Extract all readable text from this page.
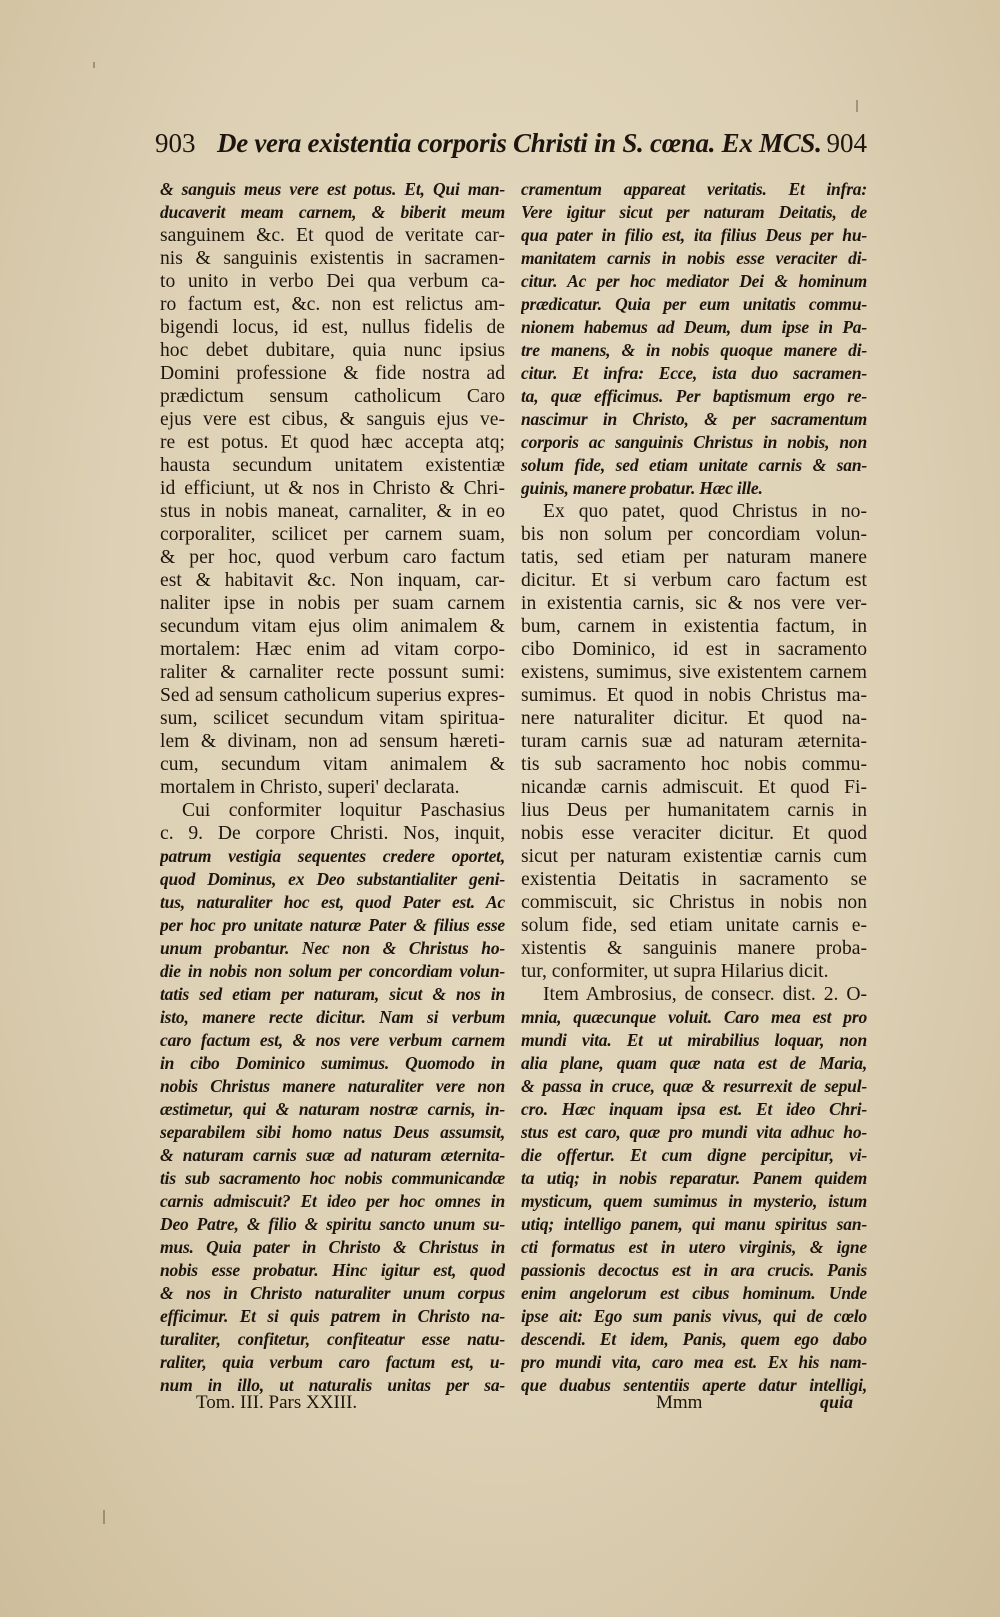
903 De vera existentia corporis Christi in S. cœna. Ex MCS. 904
& sanguis meus vere est potus. Et, Qui man-
ducaverit meam carnem, & biberit meum
sanguinem &c. Et quod de veritate car-
nis & sanguinis existentis in sacramen-
to unito in verbo Dei qua verbum ca-
ro factum est, &c. non est relictus am-
bigendi locus, id est, nullus fidelis de
hoc debet dubitare, quia nunc ipsius
Domini professione & fide nostra ad
prædictum sensum catholicum Caro
ejus vere est cibus, & sanguis ejus ve-
re est potus. Et quod hæc accepta atq;
hausta secundum unitatem existentiæ
id efficiunt, ut & nos in Christo & Chri-
stus in nobis maneat, carnaliter, & in eo
corporaliter, scilicet per carnem suam,
& per hoc, quod verbum caro factum
est & habitavit &c. Non inquam, car-
naliter ipse in nobis per suam carnem
secundum vitam ejus olim animalem &
mortalem: Hæc enim ad vitam corpo-
raliter & carnaliter recte possunt sumi:
Sed ad sensum catholicum superius expres-
sum, scilicet secundum vitam spiritua-
lem & divinam, non ad sensum hæreti-
cum, secundum vitam animalem &
mortalem in Christo, superi' declarata.
Cui conformiter loquitur Paschasius
c. 9. De corpore Christi. Nos, inquit,
patrum vestigia sequentes credere oportet,
quod Dominus, ex Deo substantialiter geni-
tus, naturaliter hoc est, quod Pater est. Ac
per hoc pro unitate naturæ Pater & filius esse
unum probantur. Nec non & Christus ho-
die in nobis non solum per concordiam volun-
tatis sed etiam per naturam, sicut & nos in
isto, manere recte dicitur. Nam si verbum
caro factum est, & nos vere verbum carnem
in cibo Dominico sumimus. Quomodo in
nobis Christus manere naturaliter vere non
æstimetur, qui & naturam nostræ carnis, in-
separabilem sibi homo natus Deus assumsit,
& naturam carnis suæ ad naturam æternita-
tis sub sacramento hoc nobis communicandæ
carnis admiscuit? Et ideo per hoc omnes in
Deo Patre, & filio & spiritu sancto unum su-
mus. Quia pater in Christo & Christus in
nobis esse probatur. Hinc igitur est, quod
& nos in Christo naturaliter unum corpus
efficimur. Et si quis patrem in Christo na-
turaliter, confitetur, confiteatur esse natu-
raliter, quia verbum caro factum est, u-
num in illo, ut naturalis unitas per sa-
cramentum appareat veritatis. Et infra:
Vere igitur sicut per naturam Deitatis, de
qua pater in filio est, ita filius Deus per hu-
manitatem carnis in nobis esse veraciter di-
citur. Ac per hoc mediator Dei & hominum
prædicatur. Quia per eum unitatis commu-
nionem habemus ad Deum, dum ipse in Pa-
tre manens, & in nobis quoque manere di-
citur. Et infra: Ecce, ista duo sacramen-
ta, quæ efficimus. Per baptismum ergo re-
nascimur in Christo, & per sacramentum
corporis ac sanguinis Christus in nobis, non
solum fide, sed etiam unitate carnis & san-
guinis, manere probatur. Hæc ille.
Ex quo patet, quod Christus in no-
bis non solum per concordiam volun-
tatis, sed etiam per naturam manere
dicitur. Et si verbum caro factum est
in existentia carnis, sic & nos vere ver-
bum, carnem in existentia factum, in
cibo Dominico, id est in sacramento
existens, sumimus, sive existentem carnem
sumimus. Et quod in nobis Christus ma-
nere naturaliter dicitur. Et quod na-
turam carnis suæ ad naturam æternita-
tis sub sacramento hoc nobis commu-
nicandæ carnis admiscuit. Et quod Fi-
lius Deus per humanitatem carnis in
nobis esse veraciter dicitur. Et quod
sicut per naturam existentiæ carnis cum
existentia Deitatis in sacramento se
commiscuit, sic Christus in nobis non
solum fide, sed etiam unitate carnis e-
xistentis & sanguinis manere proba-
tur, conformiter, ut supra Hilarius dicit.
Item Ambrosius, de consecr. dist. 2. O-
mnia, quæcunque voluit. Caro mea est pro
mundi vita. Et ut mirabilius loquar, non
alia plane, quam quæ nata est de Maria,
& passa in cruce, quæ & resurrexit de sepul-
cro. Hæc inquam ipsa est. Et ideo Chri-
stus est caro, quæ pro mundi vita adhuc ho-
die offertur. Et cum digne percipitur, vi-
ta utiq; in nobis reparatur. Panem quidem
mysticum, quem sumimus in mysterio, istum
utiq; intelligo panem, qui manu spiritus san-
cti formatus est in utero virginis, & igne
passionis decoctus est in ara crucis. Panis
enim angelorum est cibus hominum. Unde
ipse ait: Ego sum panis vivus, qui de cœlo
descendi. Et idem, Panis, quem ego dabo
pro mundi vita, caro mea est. Ex his nam-
que duabus sententiis aperte datur intelligi,
Tom. III. Pars XXIII.	Mmm	quia
